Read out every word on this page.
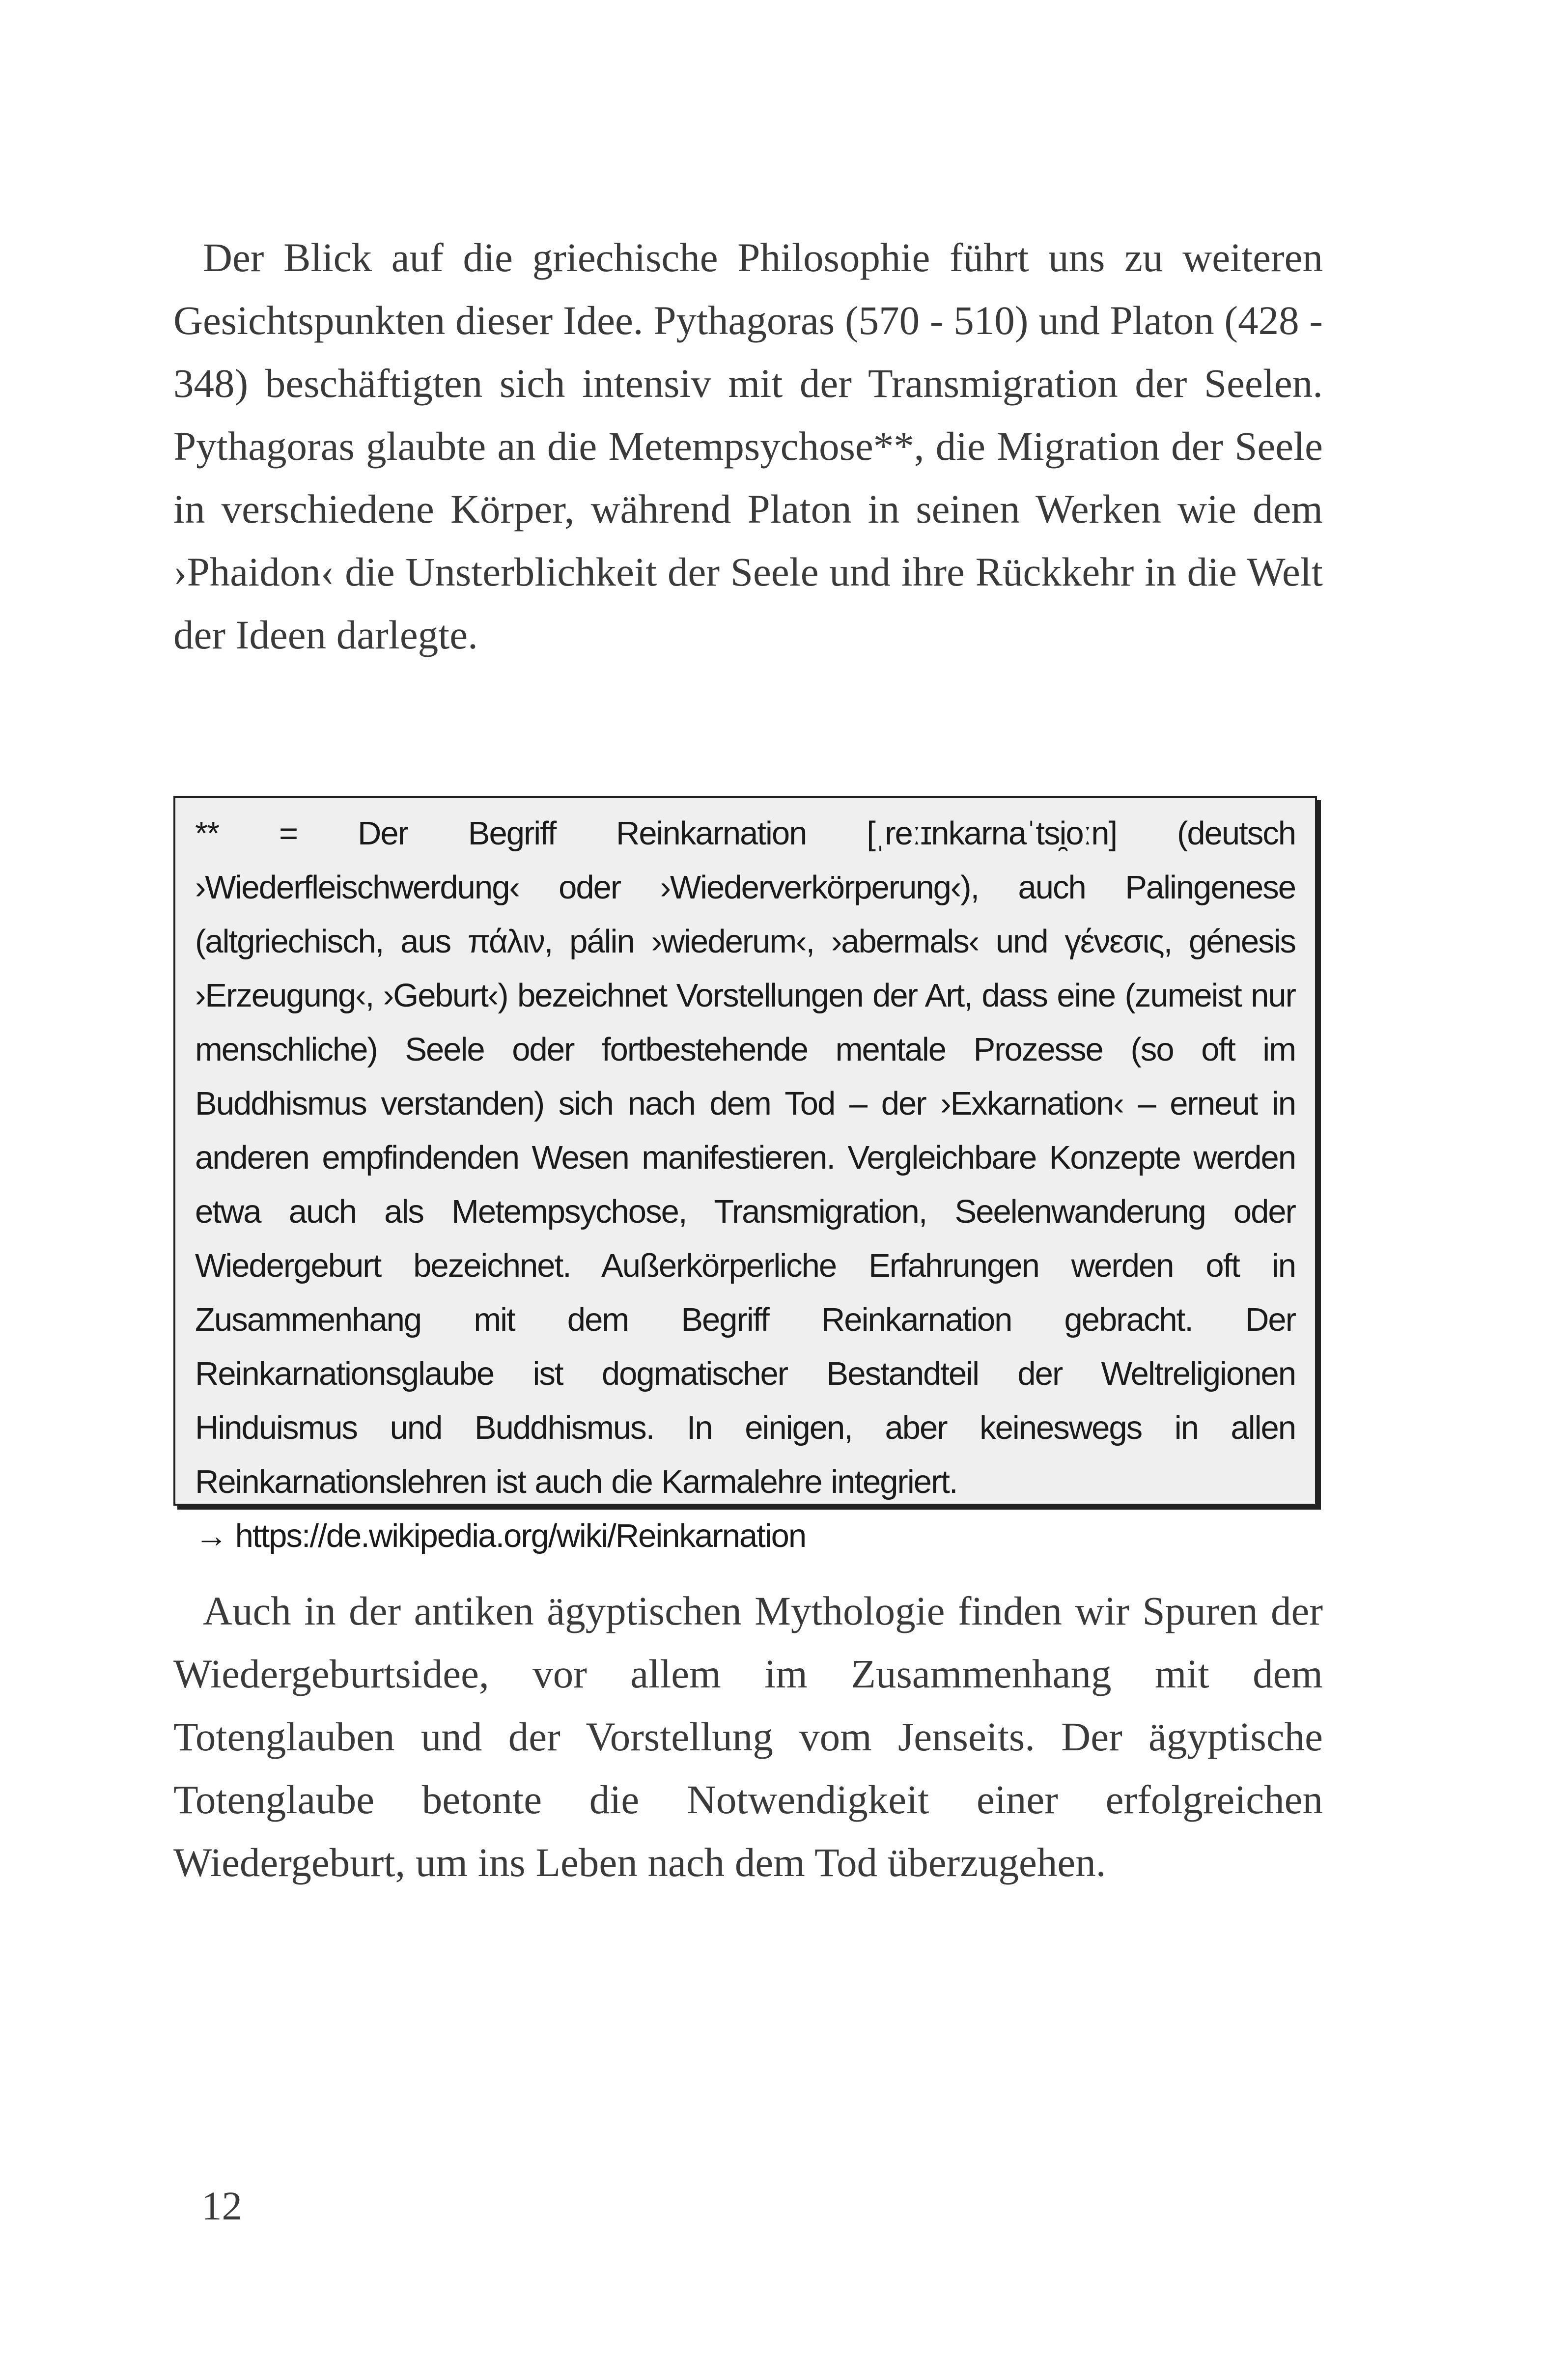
Der Blick auf die griechische Philosophie führt uns zu weiteren Gesichtspunkten dieser Idee. Pythagoras (570 - 510) und Platon (428 - 348) beschäftigten sich intensiv mit der Transmigration der Seelen. Pythagoras glaubte an die Metempsychose**, die Migration der Seele in verschiedene Körper, während Platon in seinen Werken wie dem ›Phaidon‹ die Unsterblichkeit der Seele und ihre Rückkehr in die Welt der Ideen darlegte.

** = Der Begriff Reinkarnation [ˌreːɪnkarnaˈtsi̯oːn] (deutsch ›Wiederfleischwerdung‹ oder ›Wiederverkörperung‹), auch Palingenese (altgriechisch, aus πάλιν, pálin ›wiederum‹, ›abermals‹ und γένεσις, génesis ›Erzeugung‹, ›Geburt‹) bezeichnet Vorstellungen der Art, dass eine (zumeist nur menschliche) Seele oder fortbestehende mentale Prozesse (so oft im Buddhismus verstanden) sich nach dem Tod – der ›Exkarnation‹ – erneut in anderen empfindenden Wesen manifestieren. Vergleichbare Konzepte werden etwa auch als Metempsychose, Transmigration, Seelenwanderung oder Wiedergeburt bezeichnet. Außerkörperliche Erfahrungen werden oft in Zusammenhang mit dem Begriff Reinkarnation gebracht. Der Reinkarnationsglaube ist dogmatischer Bestandteil der Weltreligionen Hinduismus und Buddhismus. In einigen, aber keineswegs in allen Reinkarnationslehren ist auch die Karmalehre integriert.

→ https://de.wikipedia.org/wiki/Reinkarnation

Auch in der antiken ägyptischen Mythologie finden wir Spuren der Wiedergeburtsidee, vor allem im Zusammenhang mit dem Totenglauben und der Vorstellung vom Jenseits. Der ägyptische Totenglaube betonte die Notwendigkeit einer erfolgreichen Wiedergeburt, um ins Leben nach dem Tod überzugehen.

12
